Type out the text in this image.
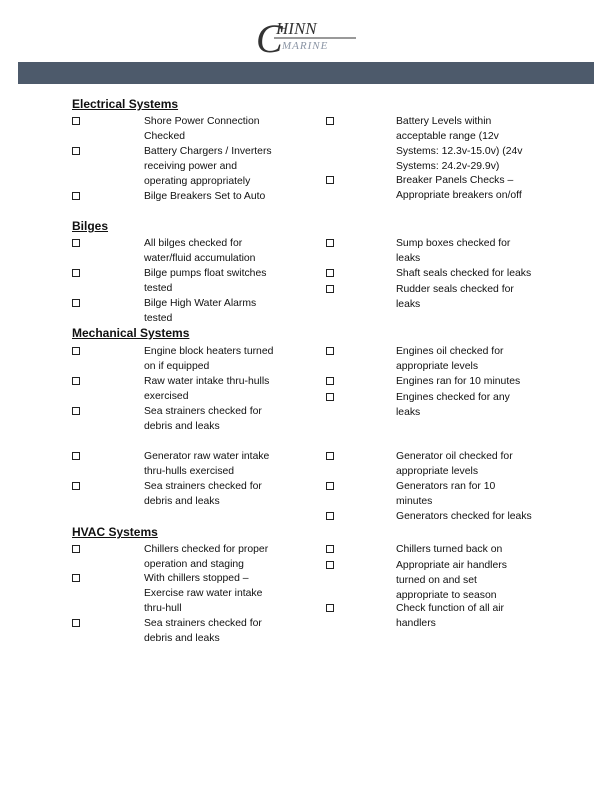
C
HINN
MARINE
Electrical Systems
Shore Power Connection
Checked
Battery Chargers / Inverters
receiving power and
operating appropriately
Bilge Breakers Set to Auto
Battery Levels within
acceptable range (12v
Systems: 12.3v-15.0v) (24v
Systems: 24.2v-29.9v)
Breaker Panels Checks –
Appropriate breakers on/off
Bilges
All bilges checked for
water/fluid accumulation
Bilge pumps float switches
tested
Bilge High Water Alarms
tested
Sump boxes checked for
leaks
Shaft seals checked for leaks
Rudder seals checked for
leaks
Mechanical Systems
Engine block heaters turned
on if equipped
Raw water intake thru-hulls
exercised
Sea strainers checked for
debris and leaks
Generator raw water intake
thru-hulls exercised
Sea strainers checked for
debris and leaks
Engines oil checked for
appropriate levels
Engines ran for 10 minutes
Engines checked for any
leaks
Generator oil checked for
appropriate levels
Generators ran for 10
minutes
Generators checked for leaks
HVAC Systems
Chillers checked for proper
operation and staging
With chillers stopped –
Exercise raw water intake
thru-hull
Sea strainers checked for
debris and leaks
Chillers turned back on
Appropriate air handlers
turned on and set
appropriate to season
Check function of all air
handlers
